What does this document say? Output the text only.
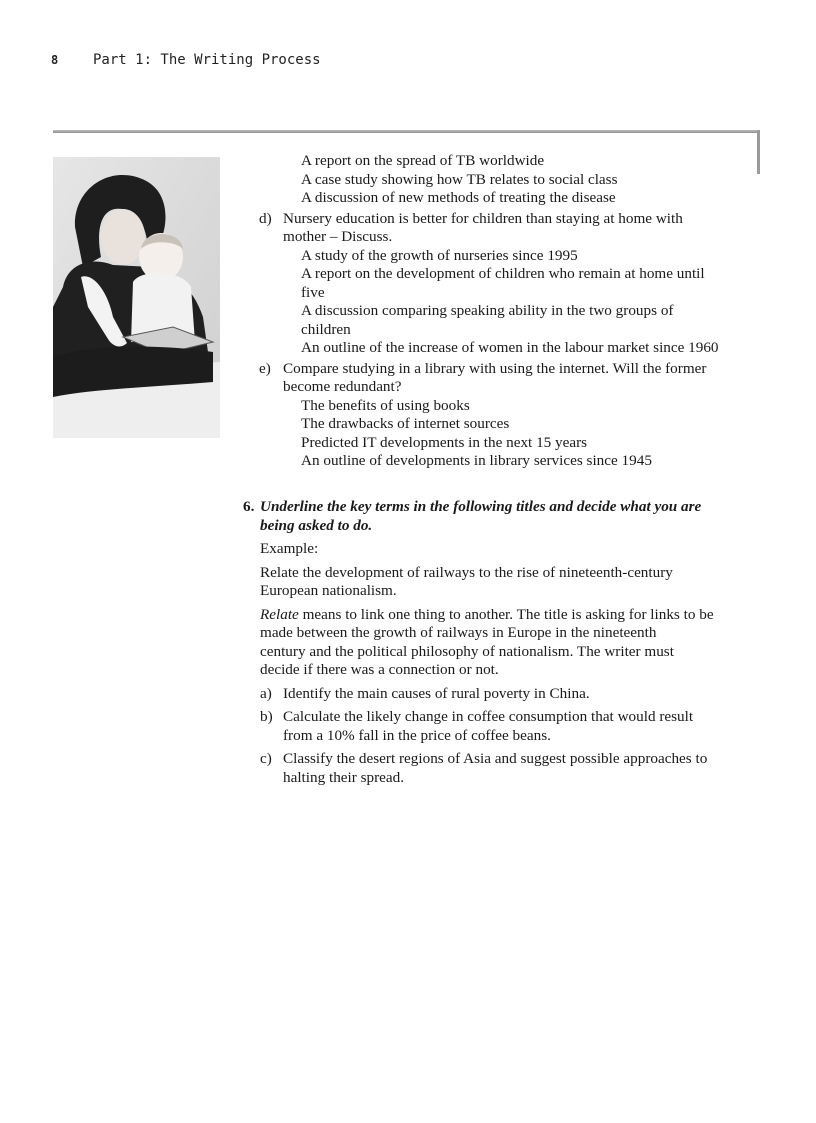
8 Part 1: The Writing Process
A report on the spread of TB worldwide
A case study showing how TB relates to social class
A discussion of new methods of treating the disease
d) Nursery education is better for children than staying at home with
mother – Discuss.
A study of the growth of nurseries since 1995
A report on the development of children who remain at home until
five
A discussion comparing speaking ability in the two groups of
children
An outline of the increase of women in the labour market since 1960
e) Compare studying in a library with using the internet. Will the former
become redundant?
The benefits of using books
The drawbacks of internet sources
Predicted IT developments in the next 15 years
An outline of developments in library services since 1945
6. Underline the key terms in the following titles and decide what you are
being asked to do.

Example:

Relate the development of railways to the rise of nineteenth-century
European nationalism.

Relate means to link one thing to another. The title is asking for links to be
made between the growth of railways in Europe in the nineteenth
century and the political philosophy of nationalism. The writer must
decide if there was a connection or not.

a) Identify the main causes of rural poverty in China.
b) Calculate the likely change in coffee consumption that would result
from a 10% fall in the price of coffee beans.
c) Classify the desert regions of Asia and suggest possible approaches to
halting their spread.
